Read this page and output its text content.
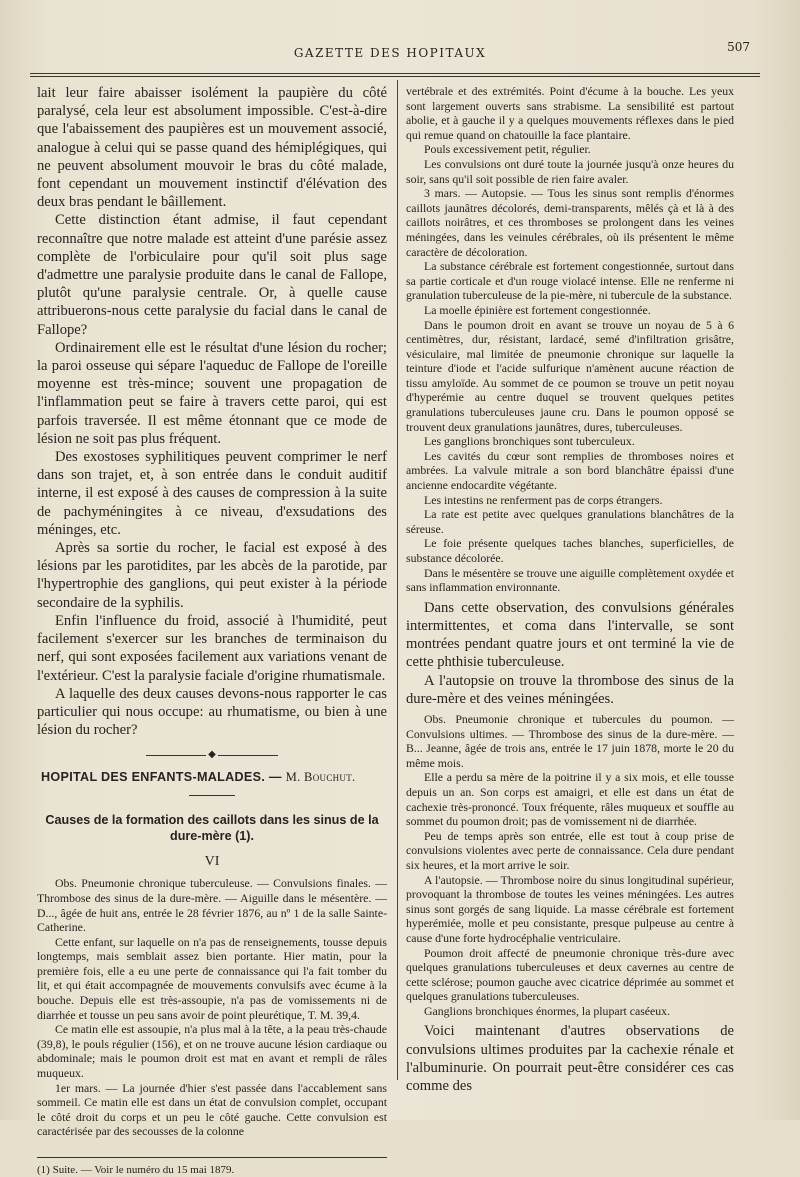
GAZETTE DES HOPITAUX	507

lait leur faire abaisser isolément la paupière du côté paralysé, cela leur est absolument impossible. C'est-à-dire que l'abaissement des paupières est un mouvement associé, analogue à celui qui se passe quand des hémiplégiques, qui ne peuvent absolument mouvoir le bras du côté malade, font cependant un mouvement instinctif d'élévation des deux bras pendant le bâillement.

Cette distinction étant admise, il faut cependant reconnaître que notre malade est atteint d'une parésie assez complète de l'orbiculaire pour qu'il soit plus sage d'admettre une paralysie produite dans le canal de Fallope, plutôt qu'une paralysie centrale. Or, à quelle cause attribuerons-nous cette paralysie du facial dans le canal de Fallope?

Ordinairement elle est le résultat d'une lésion du rocher; la paroi osseuse qui sépare l'aqueduc de Fallope de l'oreille moyenne est très-mince; souvent une propagation de l'inflammation peut se faire à travers cette paroi, qui est parfois traversée. Il est même étonnant que ce mode de lésion ne soit pas plus fréquent.

Des exostoses syphilitiques peuvent comprimer le nerf dans son trajet, et, à son entrée dans le conduit auditif interne, il est exposé à des causes de compression à la suite de pachyméningites à ce niveau, d'exsudations des méninges, etc.

Après sa sortie du rocher, le facial est exposé à des lésions par les parotidites, par les abcès de la parotide, par l'hypertrophie des ganglions, qui peut exister à la période secondaire de la syphilis.

Enfin l'influence du froid, associé à l'humidité, peut facilement s'exercer sur les branches de terminaison du nerf, qui sont exposées facilement aux variations venant de l'extérieur. C'est la paralysie faciale d'origine rhumatismale.

A laquelle des deux causes devons-nous rapporter le cas particulier qui nous occupe: au rhumatisme, ou bien à une lésion du rocher?

◆
HOPITAL DES ENFANTS-MALADES. — M. Bouchut.
Causes de la formation des caillots dans les sinus de la dure-mère (1).
VI

Obs. Pneumonie chronique tuberculeuse. — Convulsions finales. — Thrombose des sinus de la dure-mère. — Aiguille dans le mésentère. — D..., âgée de huit ans, entrée le 28 février 1876, au nº 1 de la salle Sainte-Catherine.

Cette enfant, sur laquelle on n'a pas de renseignements, tousse depuis longtemps, mais semblait assez bien portante. Hier matin, pour la première fois, elle a eu une perte de connaissance qui l'a fait tomber du lit, et qui était accompagnée de mouvements convulsifs avec écume à la bouche. Depuis elle est très-assoupie, n'a pas de vomissements ni de diarrhée et tousse un peu sans avoir de point pleurétique, T. M. 39,4.

Ce matin elle est assoupie, n'a plus mal à la tête, a la peau très-chaude (39,8), le pouls régulier (156), et on ne trouve aucune lésion cardiaque ou abdominale; mais le poumon droit est mat en avant et rempli de râles muqueux.

1er mars. — La journée d'hier s'est passée dans l'accablement sans sommeil. Ce matin elle est dans un état de convulsion complet, occupant le côté droit du corps et un peu le côté gauche. Cette convulsion est caractérisée par des secousses de la colonne

(1) Suite. — Voir le numéro du 15 mai 1879.

vertébrale et des extrémités. Point d'écume à la bouche. Les yeux sont largement ouverts sans strabisme. La sensibilité est partout abolie, et à gauche il y a quelques mouvements réflexes dans le pied qui remue quand on chatouille la face plantaire.

Pouls excessivement petit, régulier.

Les convulsions ont duré toute la journée jusqu'à onze heures du soir, sans qu'il soit possible de rien faire avaler.

3 mars. — Autopsie. — Tous les sinus sont remplis d'énormes caillots jaunâtres décolorés, demi-transparents, mêlés çà et là à des caillots noirâtres, et ces thromboses se prolongent dans les veines méningées, dans les veinules cérébrales, où ils présentent le même caractère de décoloration.

La substance cérébrale est fortement congestionnée, surtout dans sa partie corticale et d'un rouge violacé intense. Elle ne renferme ni granulation tuberculeuse de la pie-mère, ni tubercule de la substance.

La moelle épinière est fortement congestionnée.

Dans le poumon droit en avant se trouve un noyau de 5 à 6 centimètres, dur, résistant, lardacé, semé d'infiltration grisâtre, vésiculaire, mal limitée de pneumonie chronique sur laquelle la teinture d'iode et l'acide sulfurique n'amènent aucune réaction de tissu amyloïde. Au sommet de ce poumon se trouve un petit noyau d'hyperémie au centre duquel se trouvent quelques petites granulations tuberculeuses jaune cru. Dans le poumon opposé se trouvent deux granulations jaunâtres, dures, tuberculeuses.

Les ganglions bronchiques sont tuberculeux.

Les cavités du cœur sont remplies de thromboses noires et ambrées. La valvule mitrale a son bord blanchâtre épaissi d'une ancienne endocardite végétante.

Les intestins ne renferment pas de corps étrangers.

La rate est petite avec quelques granulations blanchâtres de la séreuse.

Le foie présente quelques taches blanches, superficielles, de substance décolorée.

Dans le mésentère se trouve une aiguille complètement oxydée et sans inflammation environnante.

Dans cette observation, des convulsions générales intermittentes, et coma dans l'intervalle, se sont montrées pendant quatre jours et ont terminé la vie de cette phthisie tuberculeuse.

A l'autopsie on trouve la thrombose des sinus de la dure-mère et des veines méningées.

Obs. Pneumonie chronique et tubercules du poumon. — Convulsions ultimes. — Thrombose des sinus de la dure-mère. — B... Jeanne, âgée de trois ans, entrée le 17 juin 1878, morte le 20 du même mois.

Elle a perdu sa mère de la poitrine il y a six mois, et elle tousse depuis un an. Son corps est amaigri, et elle est dans un état de cachexie très-prononcé. Toux fréquente, râles muqueux et souffle au sommet du poumon droit; pas de vomissement ni de diarrhée.

Peu de temps après son entrée, elle est tout à coup prise de convulsions violentes avec perte de connaissance. Cela dure pendant six heures, et la mort arrive le soir.

A l'autopsie. — Thrombose noire du sinus longitudinal supérieur, provoquant la thrombose de toutes les veines méningées. Les autres sinus sont gorgés de sang liquide. La masse cérébrale est fortement hyperémiée, molle et peu consistante, presque pulpeuse au centre à cause d'une forte hydrocéphalie ventriculaire.

Poumon droit affecté de pneumonie chronique très-dure avec quelques granulations tuberculeuses et deux cavernes au centre de cette sclérose; poumon gauche avec cicatrice déprimée au sommet et quelques granulations tuberculeuses.

Ganglions bronchiques énormes, la plupart caséeux.

Voici maintenant d'autres observations de convulsions ultimes produites par la cachexie rénale et l'albuminurie. On pourrait peut-être considérer ces cas comme des
